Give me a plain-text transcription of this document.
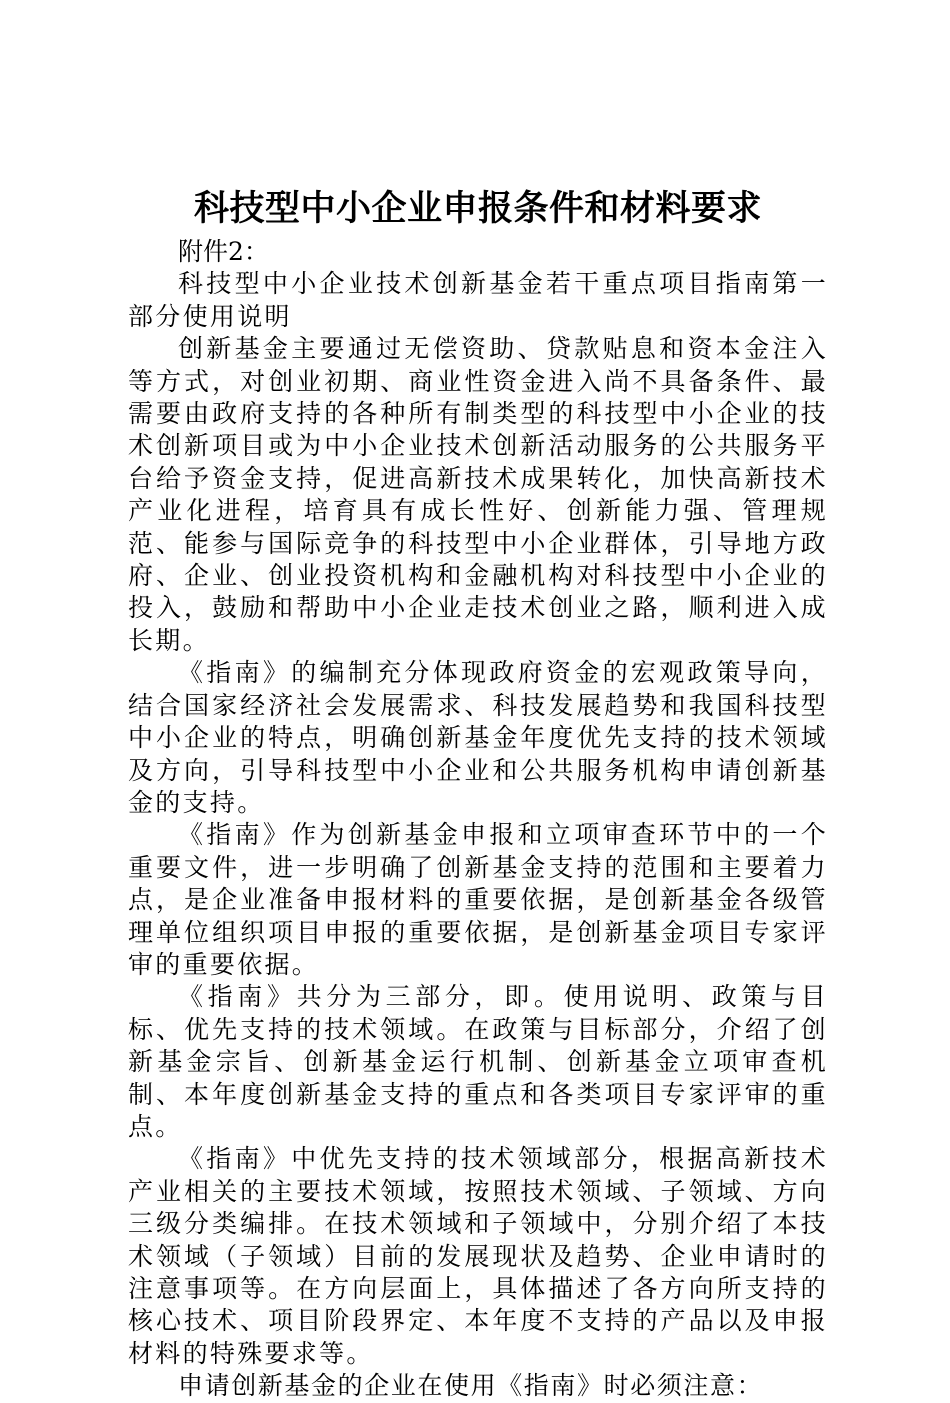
科技型中小企业申报条件和材料要求

附件2：

科技型中小企业技术创新基金若干重点项目指南第一部分使用说明

创新基金主要通过无偿资助、贷款贴息和资本金注入等方式，对创业初期、商业性资金进入尚不具备条件、最需要由政府支持的各种所有制类型的科技型中小企业的技术创新项目或为中小企业技术创新活动服务的公共服务平台给予资金支持，促进高新技术成果转化，加快高新技术产业化进程，培育具有成长性好、创新能力强、管理规范、能参与国际竞争的科技型中小企业群体，引导地方政府、企业、创业投资机构和金融机构对科技型中小企业的投入，鼓励和帮助中小企业走技术创业之路，顺利进入成长期。

《指南》的编制充分体现政府资金的宏观政策导向，结合国家经济社会发展需求、科技发展趋势和我国科技型中小企业的特点，明确创新基金年度优先支持的技术领域及方向，引导科技型中小企业和公共服务机构申请创新基金的支持。

《指南》作为创新基金申报和立项审查环节中的一个重要文件，进一步明确了创新基金支持的范围和主要着力点，是企业准备申报材料的重要依据，是创新基金各级管理单位组织项目申报的重要依据，是创新基金项目专家评审的重要依据。

《指南》共分为三部分，即。使用说明、政策与目标、优先支持的技术领域。在政策与目标部分，介绍了创新基金宗旨、创新基金运行机制、创新基金立项审查机制、本年度创新基金支持的重点和各类项目专家评审的重点。

《指南》中优先支持的技术领域部分，根据高新技术产业相关的主要技术领域，按照技术领域、子领域、方向三级分类编排。在技术领域和子领域中，分别介绍了本技术领域（子领域）目前的发展现状及趋势、企业申请时的注意事项等。在方向层面上，具体描述了各方向所支持的核心技术、项目阶段界定、本年度不支持的产品以及申报材料的特殊要求等。

申请创新基金的企业在使用《指南》时必须注意：
